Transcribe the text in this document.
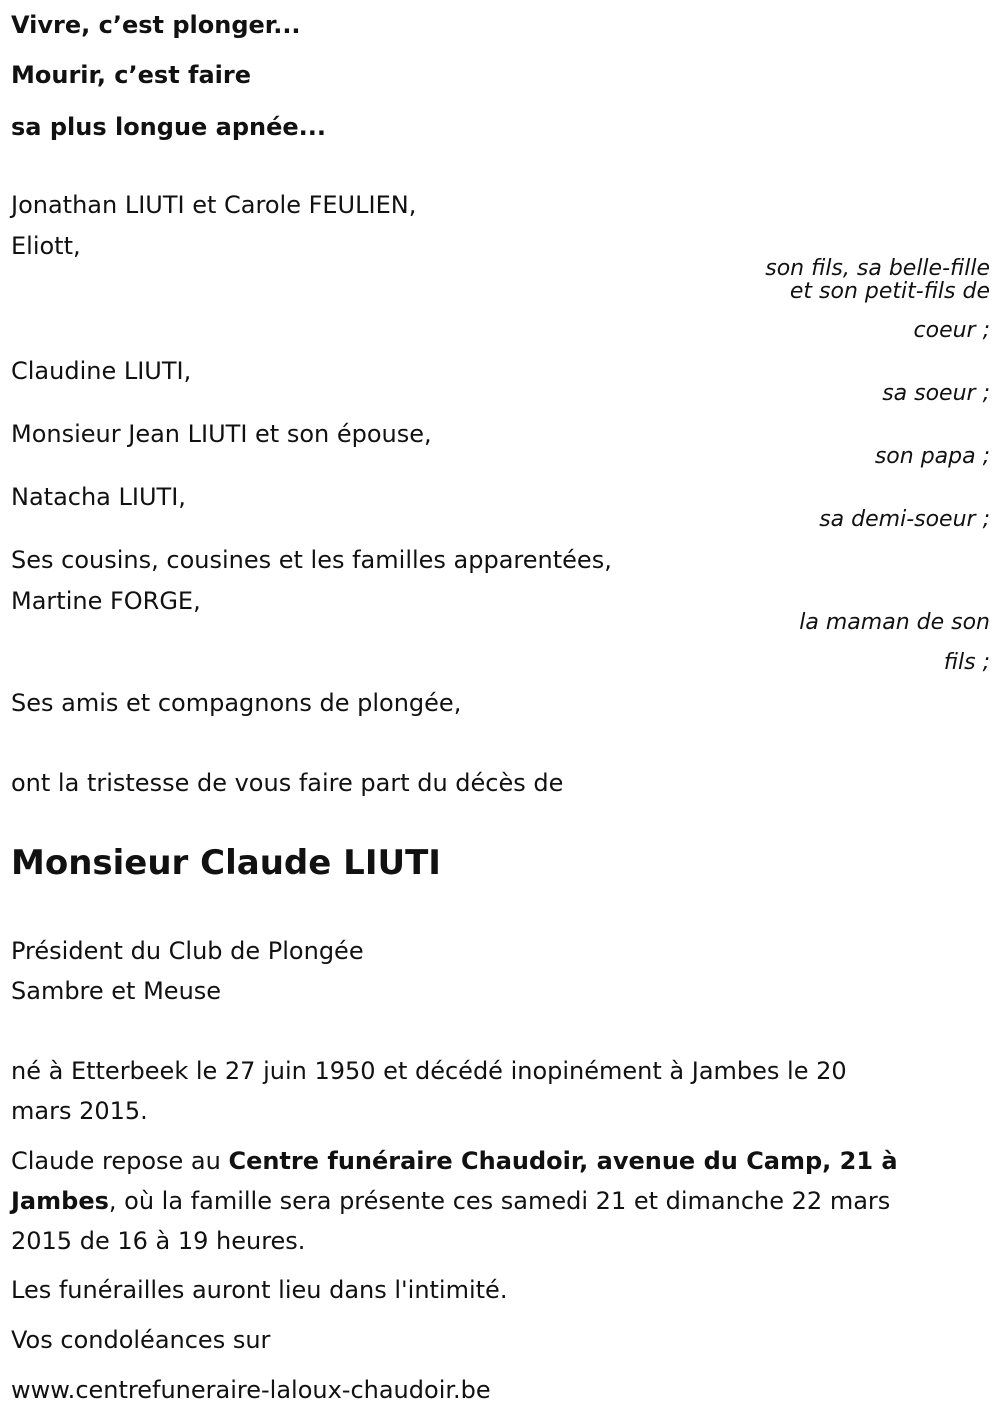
Vivre, c’est plonger...
Mourir, c’est faire
sa plus longue apnée...
Jonathan LIUTI et Carole FEULIEN,
Eliott,
son fils, sa belle-fille
et son petit-fils de
coeur ;
Claudine LIUTI,
sa soeur ;
Monsieur Jean LIUTI et son épouse,
son papa ;
Natacha LIUTI,
sa demi-soeur ;
Ses cousins, cousines et les familles apparentées,
Martine FORGE,
la maman de son
fils ;
Ses amis et compagnons de plongée,
ont la tristesse de vous faire part du décès de
Monsieur Claude LIUTI
Président du Club de Plongée
Sambre et Meuse
né à Etterbeek le 27 juin 1950 et décédé inopinément à Jambes le 20
mars 2015.
Claude repose au Centre funéraire Chaudoir, avenue du Camp, 21 à
Jambes, où la famille sera présente ces samedi 21 et dimanche 22 mars
2015 de 16 à 19 heures.
Les funérailles auront lieu dans l'intimité.
Vos condoléances sur
www.centrefuneraire-laloux-chaudoir.be
